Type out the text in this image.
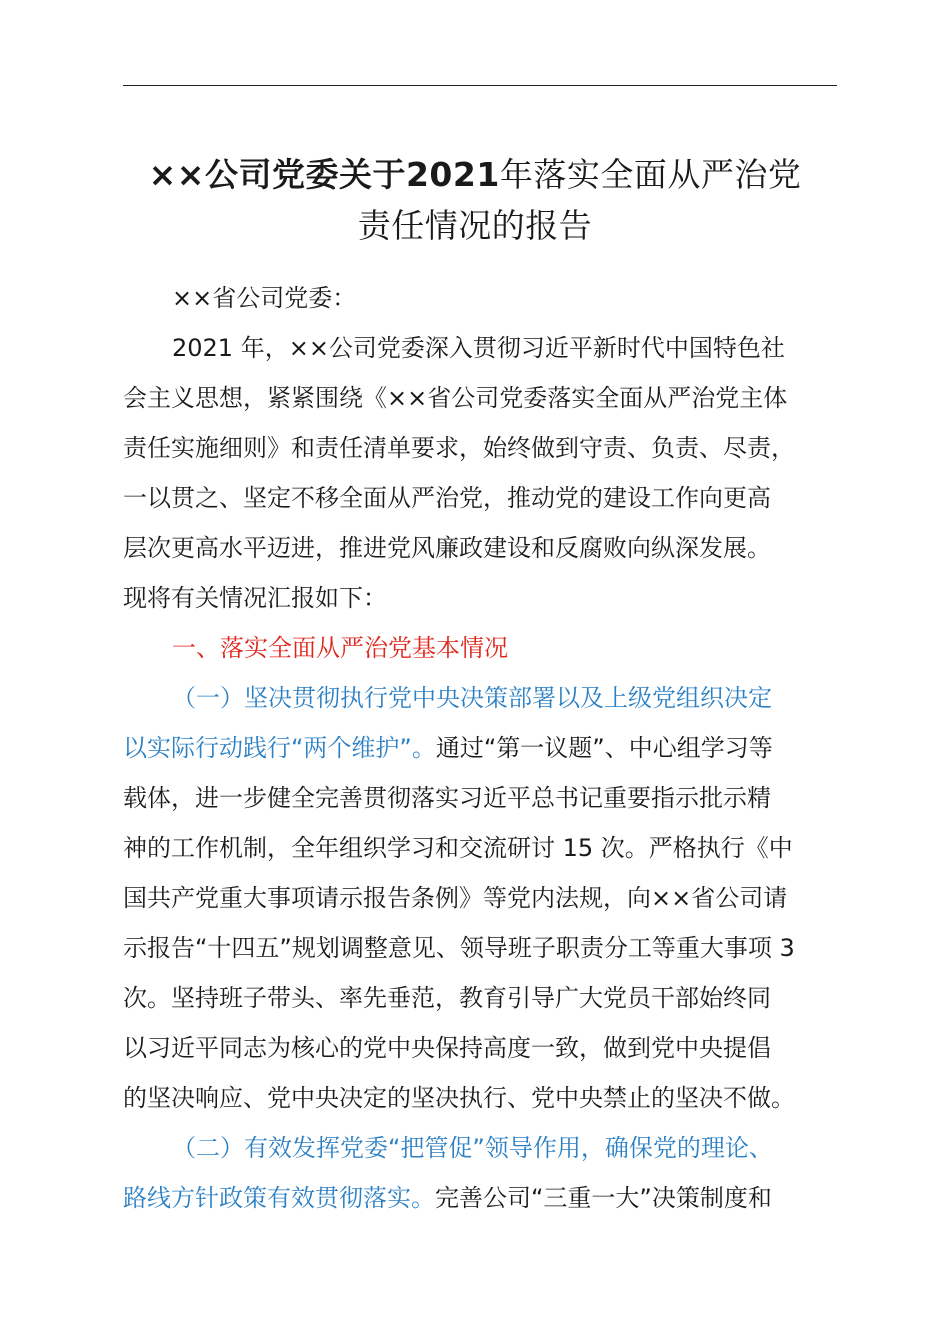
××公司党委关于2021年落实全面从严治党
责任情况的报告
××省公司党委：
2021 年，××公司党委深入贯彻习近平新时代中国特色社
会主义思想，紧紧围绕《××省公司党委落实全面从严治党主体
责任实施细则》和责任清单要求，始终做到守责、负责、尽责，
一以贯之、坚定不移全面从严治党，推动党的建设工作向更高
层次更高水平迈进，推进党风廉政建设和反腐败向纵深发展。
现将有关情况汇报如下：
一、落实全面从严治党基本情况
（一）坚决贯彻执行党中央决策部署以及上级党组织决定
以实际行动践行“两个维护”。通过“第一议题”、中心组学习等
载体，进一步健全完善贯彻落实习近平总书记重要指示批示精
神的工作机制，全年组织学习和交流研讨 15 次。严格执行《中
国共产党重大事项请示报告条例》等党内法规，向××省公司请
示报告“十四五”规划调整意见、领导班子职责分工等重大事项 3
次。坚持班子带头、率先垂范，教育引导广大党员干部始终同
以习近平同志为核心的党中央保持高度一致，做到党中央提倡
的坚决响应、党中央决定的坚决执行、党中央禁止的坚决不做。
（二）有效发挥党委“把管促”领导作用，确保党的理论、
路线方针政策有效贯彻落实。完善公司“三重一大”决策制度和
